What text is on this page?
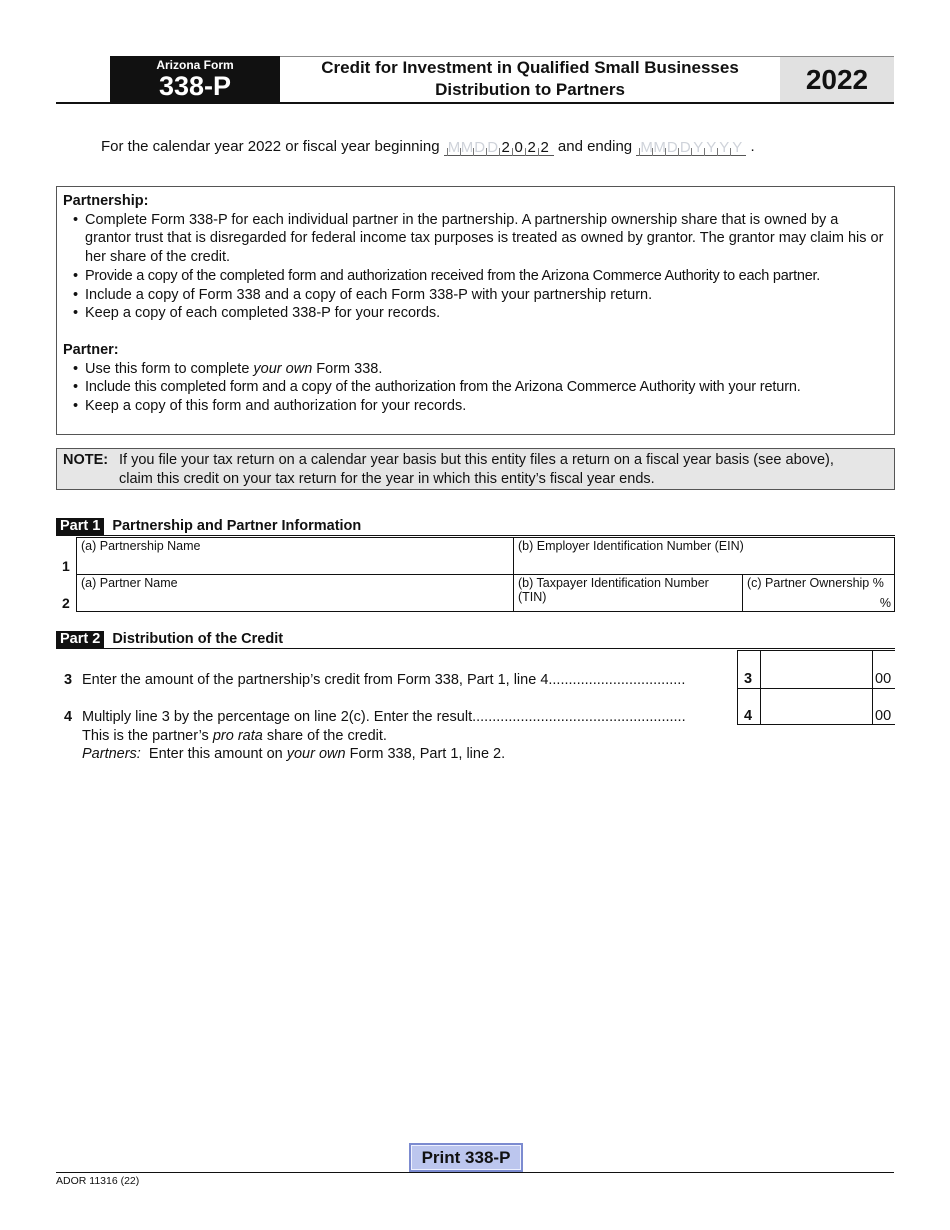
Arizona Form
338-P
Credit for Investment in Qualified Small Businesses
Distribution to Partners	2022
For the calendar year 2022 or fiscal year beginning MMD D 2 0 2 2 and ending MMD D Y Y Y Y .
Partnership:
• Complete Form 338-P for each individual partner in the partnership. A partnership ownership share that is owned by a grantor trust that is disregarded for federal income tax purposes is treated as owned by grantor. The grantor may claim his or her share of the credit.
• Provide a copy of the completed form and authorization received from the Arizona Commerce Authority to each partner.
• Include a copy of Form 338 and a copy of each Form 338-P with your partnership return.
• Keep a copy of each completed 338-P for your records.
Partner:
• Use this form to complete your own Form 338.
• Include this completed form and a copy of the authorization from the Arizona Commerce Authority with your return.
• Keep a copy of this form and authorization for your records.
NOTE: If you file your tax return on a calendar year basis but this entity files a return on a fiscal year basis (see above),
claim this credit on your tax return for the year in which this entity’s fiscal year ends.
Part 1 Partnership and Partner Information
1
(a) Partnership Name	(b) Employer Identification Number (EIN)
2
(a) Partner Name	(b) Taxpayer Identification Number (TIN)
(c) Partner Ownership %
%
Part 2 Distribution of the Credit
3 Enter the amount of the partnership’s credit from Form 338, Part 1, line 4..................................
4 Multiply line 3 by the percentage on line 2(c). Enter the result.....................................................
This is the partner’s pro rata share of the credit.
Partners:  Enter this amount on your own Form 338, Part 1, line 2.
3	00
4	00
Print 338-P
ADOR 11316 (22)
